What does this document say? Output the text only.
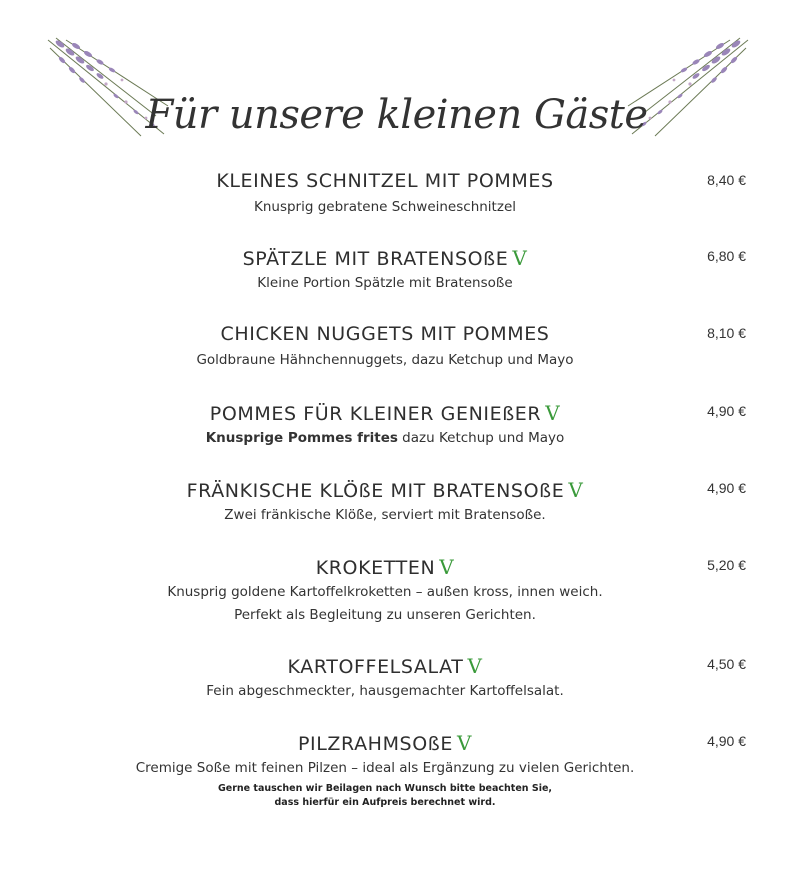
Für unsere kleinen Gäste
KLEINES SCHNITZEL MIT POMMES	8,40 €
Knusprig gebratene Schweineschnitzel
SPÄTZLE MIT BRATENSOßE V	6,80 €
Kleine Portion Spätzle mit Bratensoße
CHICKEN NUGGETS MIT POMMES	8,10 €
Goldbraune Hähnchennuggets, dazu Ketchup und Mayo
POMMES FÜR KLEINER GENIEßER V	4,90 €
Knusprige Pommes frites dazu Ketchup und Mayo
FRÄNKISCHE KLÖßE MIT BRATENSOßE V	4,90 €
Zwei fränkische Klöße, serviert mit Bratensoße.
KROKETTEN V	5,20 €
Knusprig goldene Kartoffelkroketten – außen kross, innen weich.
Perfekt als Begleitung zu unseren Gerichten.
KARTOFFELSALAT V	4,50 €
Fein abgeschmeckter, hausgemachter Kartoffelsalat.
PILZRAHMSOßE V	4,90 €
Cremige Soße mit feinen Pilzen – ideal als Ergänzung zu vielen Gerichten.
Gerne tauschen wir Beilagen nach Wunsch bitte beachten Sie,
dass hierfür ein Aufpreis berechnet wird.
